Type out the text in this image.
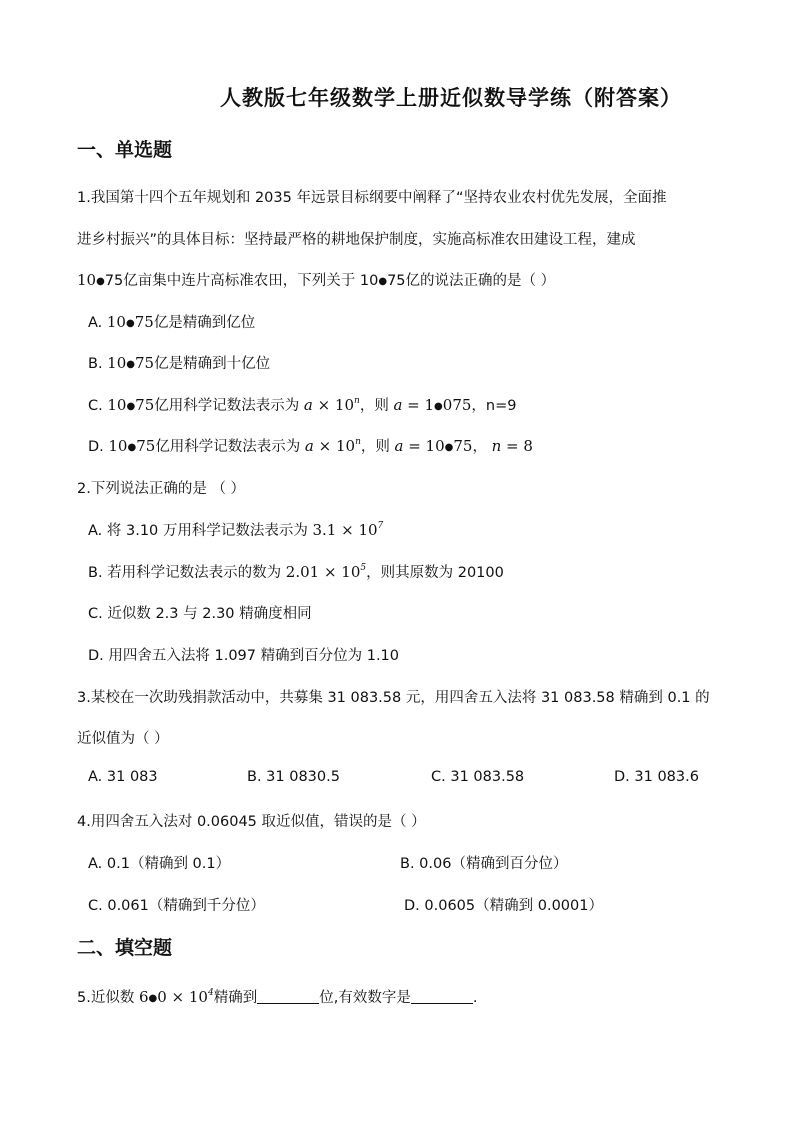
人教版七年级数学上册近似数导学练（附答案）
一、单选题
1.我国第十四个五年规划和 2035 年远景目标纲要中阐释了“坚持农业农村优先发展，全面推
进乡村振兴”的具体目标：坚持最严格的耕地保护制度，实施高标准农田建设工程，建成
10●75亿亩集中连片高标准农田，下列关于 10●75亿的说法正确的是（ ）
A. 10●75亿是精确到亿位
B. 10●75亿是精确到十亿位
C. 10●75亿用科学记数法表示为 $a \times 10^n$，则 a = 1●075，n=9
D. 10●75亿用科学记数法表示为 $a \times 10^n$，则 a = 10●75， n = 8
2.下列说法正确的是 （ ）
A. 将 3.10 万用科学记数法表示为 $3.1 \times 10^7$
B. 若用科学记数法表示的数为 $2.01 \times 10^5$，则其原数为 20100
C. 近似数 2.3 与 2.30 精确度相同
D. 用四舍五入法将 1.097 精确到百分位为 1.10
3.某校在一次助残捐款活动中，共募集 31 083.58 元，用四舍五入法将 31 083.58 精确到 0.1 的
近似值为（ ）
A. 31 083	B. 31 0830.5	C. 31 083.58	D. 31 083.6
4.用四舍五入法对 0.06045 取近似值，错误的是（ ）
A. 0.1（精确到 0.1）	B. 0.06（精确到百分位）
C. 0.061（精确到千分位）	D. 0.0605（精确到 0.0001）
二、填空题
5.近似数 6●0 × $10^4$精确到	位,有效数字是	.
